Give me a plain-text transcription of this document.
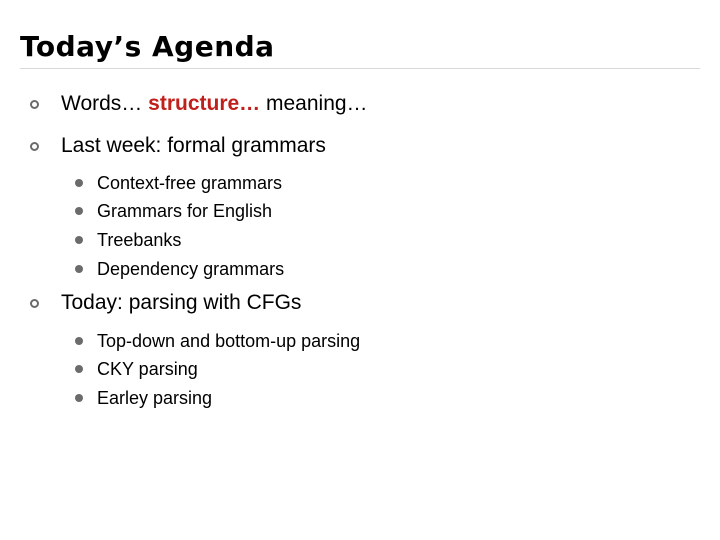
Today’s Agenda
Words… structure… meaning…
Last week: formal grammars
Context-free grammars
Grammars for English
Treebanks
Dependency grammars
Today: parsing with CFGs
Top-down and bottom-up parsing
CKY parsing
Earley parsing
